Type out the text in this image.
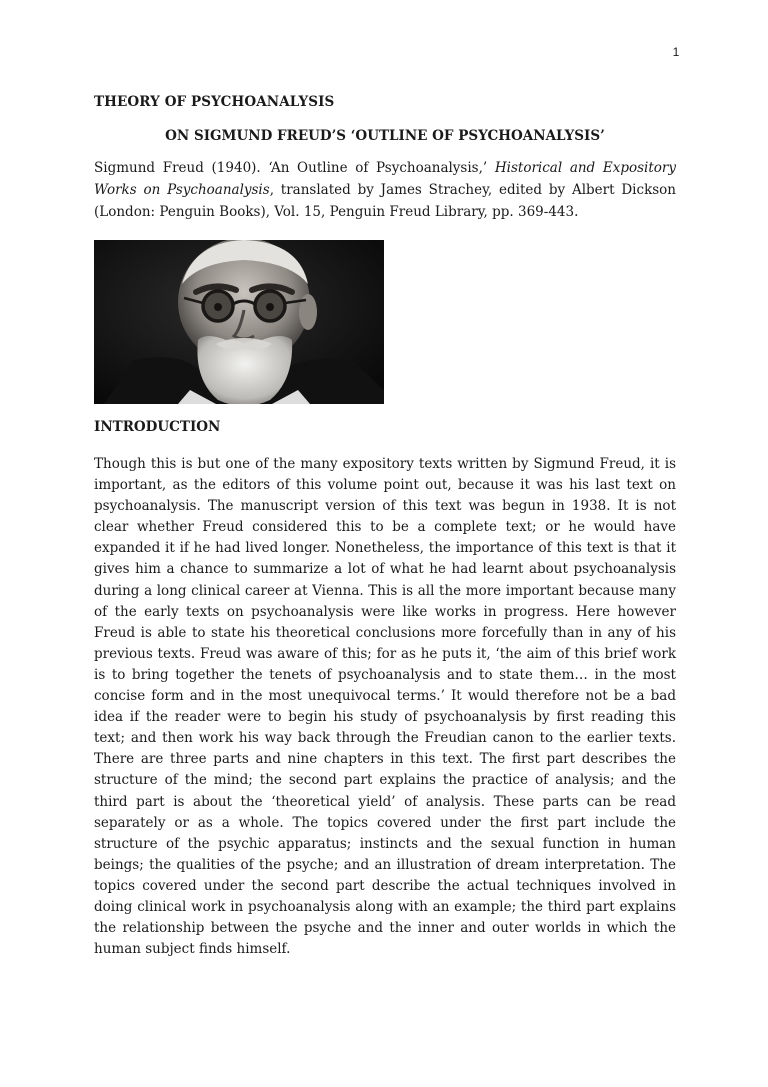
1
THEORY OF PSYCHOANALYSIS
ON SIGMUND FREUD’S ‘OUTLINE OF PSYCHOANALYSIS’

Sigmund Freud (1940). ‘An Outline of Psychoanalysis,’ Historical and Expository Works on Psychoanalysis, translated by James Strachey, edited by Albert Dickson (London: Penguin Books), Vol. 15, Penguin Freud Library, pp. 369-443.

INTRODUCTION

Though this is but one of the many expository texts written by Sigmund Freud, it is important, as the editors of this volume point out, because it was his last text on psychoanalysis. The manuscript version of this text was begun in 1938. It is not clear whether Freud considered this to be a complete text; or he would have expanded it if he had lived longer. Nonetheless, the importance of this text is that it gives him a chance to summarize a lot of what he had learnt about psychoanalysis during a long clinical career at Vienna. This is all the more important because many of the early texts on psychoanalysis were like works in progress. Here however Freud is able to state his theoretical conclusions more forcefully than in any of his previous texts. Freud was aware of this; for as he puts it, ‘the aim of this brief work is to bring together the tenets of psychoanalysis and to state them… in the most concise form and in the most unequivocal terms.’ It would therefore not be a bad idea if the reader were to begin his study of psychoanalysis by first reading this text; and then work his way back through the Freudian canon to the earlier texts. There are three parts and nine chapters in this text. The first part describes the structure of the mind; the second part explains the practice of analysis; and the third part is about the ‘theoretical yield’ of analysis. These parts can be read separately or as a whole. The topics covered under the first part include the structure of the psychic apparatus; instincts and the sexual function in human beings; the qualities of the psyche; and an illustration of dream interpretation. The topics covered under the second part describe the actual techniques involved in doing clinical work in psychoanalysis along with an example; the third part explains the relationship between the psyche and the inner and outer worlds in which the human subject finds himself.
